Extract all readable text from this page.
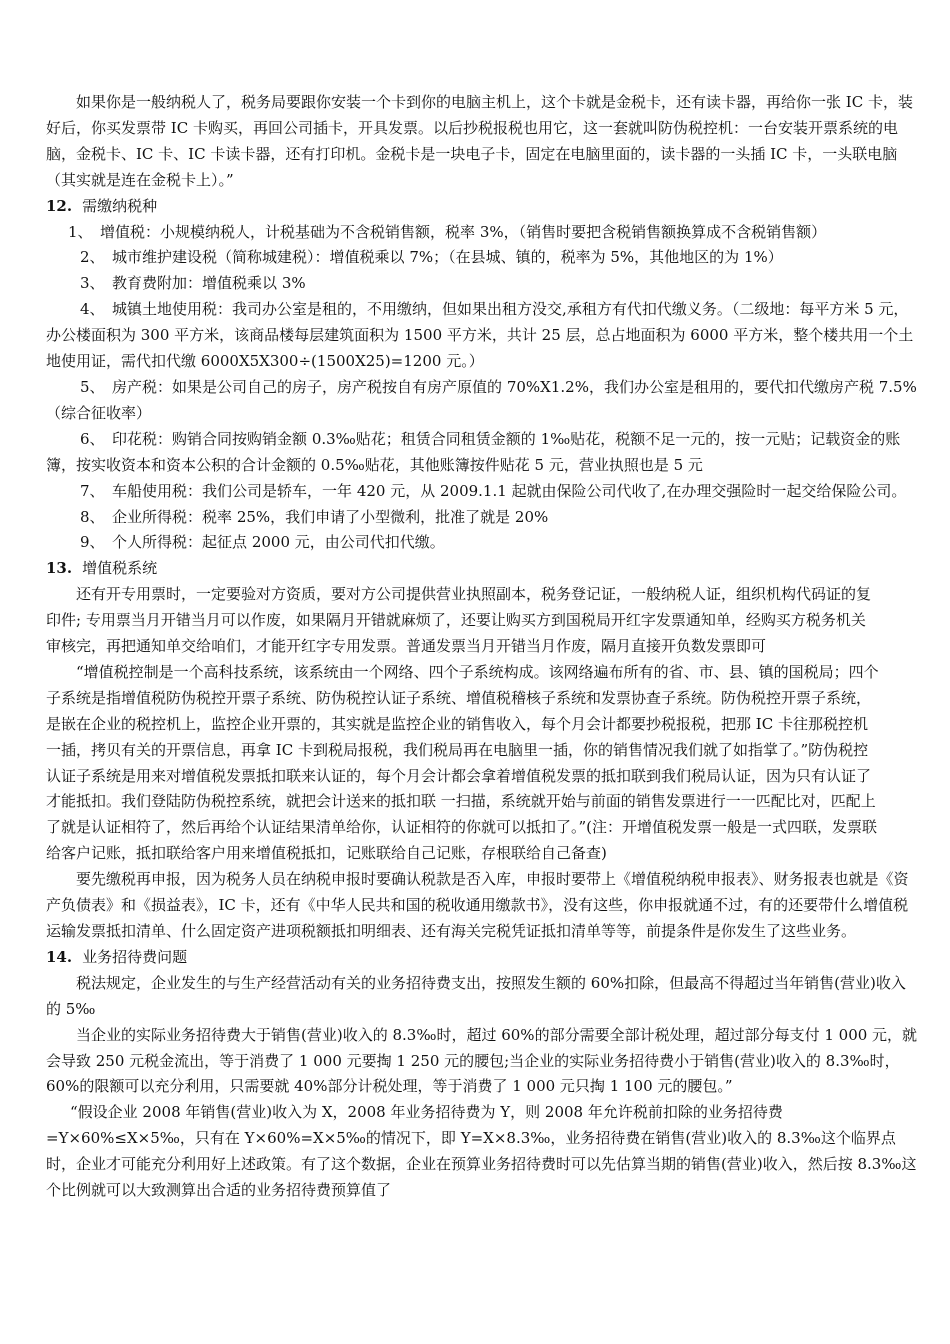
如果你是一般纳税人了，税务局要跟你安装一个卡到你的电脑主机上，这个卡就是金税卡，还有读卡器，再给你一张 IC 卡，装好后，你买发票带 IC 卡购买，再回公司插卡，开具发票。以后抄税报税也用它，这一套就叫防伪税控机：一台安装开票系统的电脑，金税卡、IC 卡、IC 卡读卡器，还有打印机。金税卡是一块电子卡，固定在电脑里面的，读卡器的一头插 IC 卡，一头联电脑（其实就是连在金税卡上）。”

12. 需缴纳税种

1、　增值税：小规模纳税人，计税基础为不含税销售额，税率 3%，（销售时要把含税销售额换算成不含税销售额）

2、　城市维护建设税（简称城建税）：增值税乘以 7%；（在县城、镇的，税率为 5%，其他地区的为 1%）

3、　教育费附加：增值税乘以 3%

4、　城镇土地使用税：我司办公室是租的，不用缴纳，但如果出租方没交,承租方有代扣代缴义务。（二级地：每平方米 5 元，办公楼面积为 300 平方米，该商品楼每层建筑面积为 1500 平方米，共计 25 层，总占地面积为 6000 平方米，整个楼共用一个土地使用证，需代扣代缴 6000X5X300÷(1500X25)=1200 元。）

5、　房产税：如果是公司自己的房子，房产税按自有房产原值的 70%X1.2%，我们办公室是租用的，要代扣代缴房产税 7.5%（综合征收率）

6、　印花税：购销合同按购销金额 0.3‰贴花；租赁合同租赁金额的 1‰贴花，税额不足一元的，按一元贴；记载资金的账簿，按实收资本和资本公积的合计金额的 0.5‰贴花，其他账簿按件贴花 5 元，营业执照也是 5 元

7、　车船使用税：我们公司是轿车，一年 420 元，从 2009.1.1 起就由保险公司代收了,在办理交强险时一起交给保险公司。

8、　企业所得税：税率 25%，我们申请了小型微利，批准了就是 20%

9、　个人所得税：起征点 2000 元，由公司代扣代缴。

13. 增值税系统

还有开专用票时，一定要验对方资质，要对方公司提供营业执照副本，税务登记证，一般纳税人证，组织机构代码证的复印件; 专用票当月开错当月可以作废，如果隔月开错就麻烦了，还要让购买方到国税局开红字发票通知单，经购买方税务机关审核完，再把通知单交给咱们，才能开红字专用发票。普通发票当月开错当月作废，隔月直接开负数发票即可

“增值税控制是一个高科技系统，该系统由一个网络、四个子系统构成。该网络遍布所有的省、市、县、镇的国税局；四个子系统是指增值税防伪税控开票子系统、防伪税控认证子系统、增值税稽核子系统和发票协查子系统。防伪税控开票子系统，是嵌在企业的税控机上，监控企业开票的，其实就是监控企业的销售收入，每个月会计都要抄税报税，把那 IC 卡往那税控机一插，拷贝有关的开票信息，再拿 IC 卡到税局报税，我们税局再在电脑里一插，你的销售情况我们就了如指掌了。”防伪税控认证子系统是用来对增值税发票抵扣联来认证的，每个月会计都会拿着增值税发票的抵扣联到我们税局认证，因为只有认证了才能抵扣。我们登陆防伪税控系统，就把会计送来的抵扣联 一扫描，系统就开始与前面的销售发票进行一一匹配比对，匹配上了就是认证相符了，然后再给个认证结果清单给你，认证相符的你就可以抵扣了。”(注：开增值税发票一般是一式四联，发票联给客户记账，抵扣联给客户用来增值税抵扣，记账联给自己记账，存根联给自己备查)

要先缴税再申报，因为税务人员在纳税申报时要确认税款是否入库，申报时要带上《增值税纳税申报表》、财务报表也就是《资产负债表》和《损益表》，IC 卡，还有《中华人民共和国的税收通用缴款书》，没有这些，你申报就通不过，有的还要带什么增值税运输发票抵扣清单、什么固定资产进项税额抵扣明细表、还有海关完税凭证抵扣清单等等，前提条件是你发生了这些业务。

14. 业务招待费问题

税法规定，企业发生的与生产经营活动有关的业务招待费支出，按照发生额的 60%扣除，但最高不得超过当年销售(营业)收入的 5‰

当企业的实际业务招待费大于销售(营业)收入的 8.3‰时，超过 60%的部分需要全部计税处理，超过部分每支付 1 000 元，就会导致 250 元税金流出，等于消费了 1 000 元要掏 1 250 元的腰包;当企业的实际业务招待费小于销售(营业)收入的 8.3‰时，60%的限额可以充分利用，只需要就 40%部分计税处理，等于消费了 1 000 元只掏 1 100 元的腰包。”

“假设企业 2008 年销售(营业)收入为 X，2008 年业务招待费为 Y，则 2008 年允许税前扣除的业务招待费=Y×60%≤X×5‰，只有在 Y×60%=X×5‰的情况下，即 Y=X×8.3‰，业务招待费在销售(营业)收入的 8.3‰这个临界点时，企业才可能充分利用好上述政策。有了这个数据，企业在预算业务招待费时可以先估算当期的销售(营业)收入，然后按 8.3‰这个比例就可以大致测算出合适的业务招待费预算值了
